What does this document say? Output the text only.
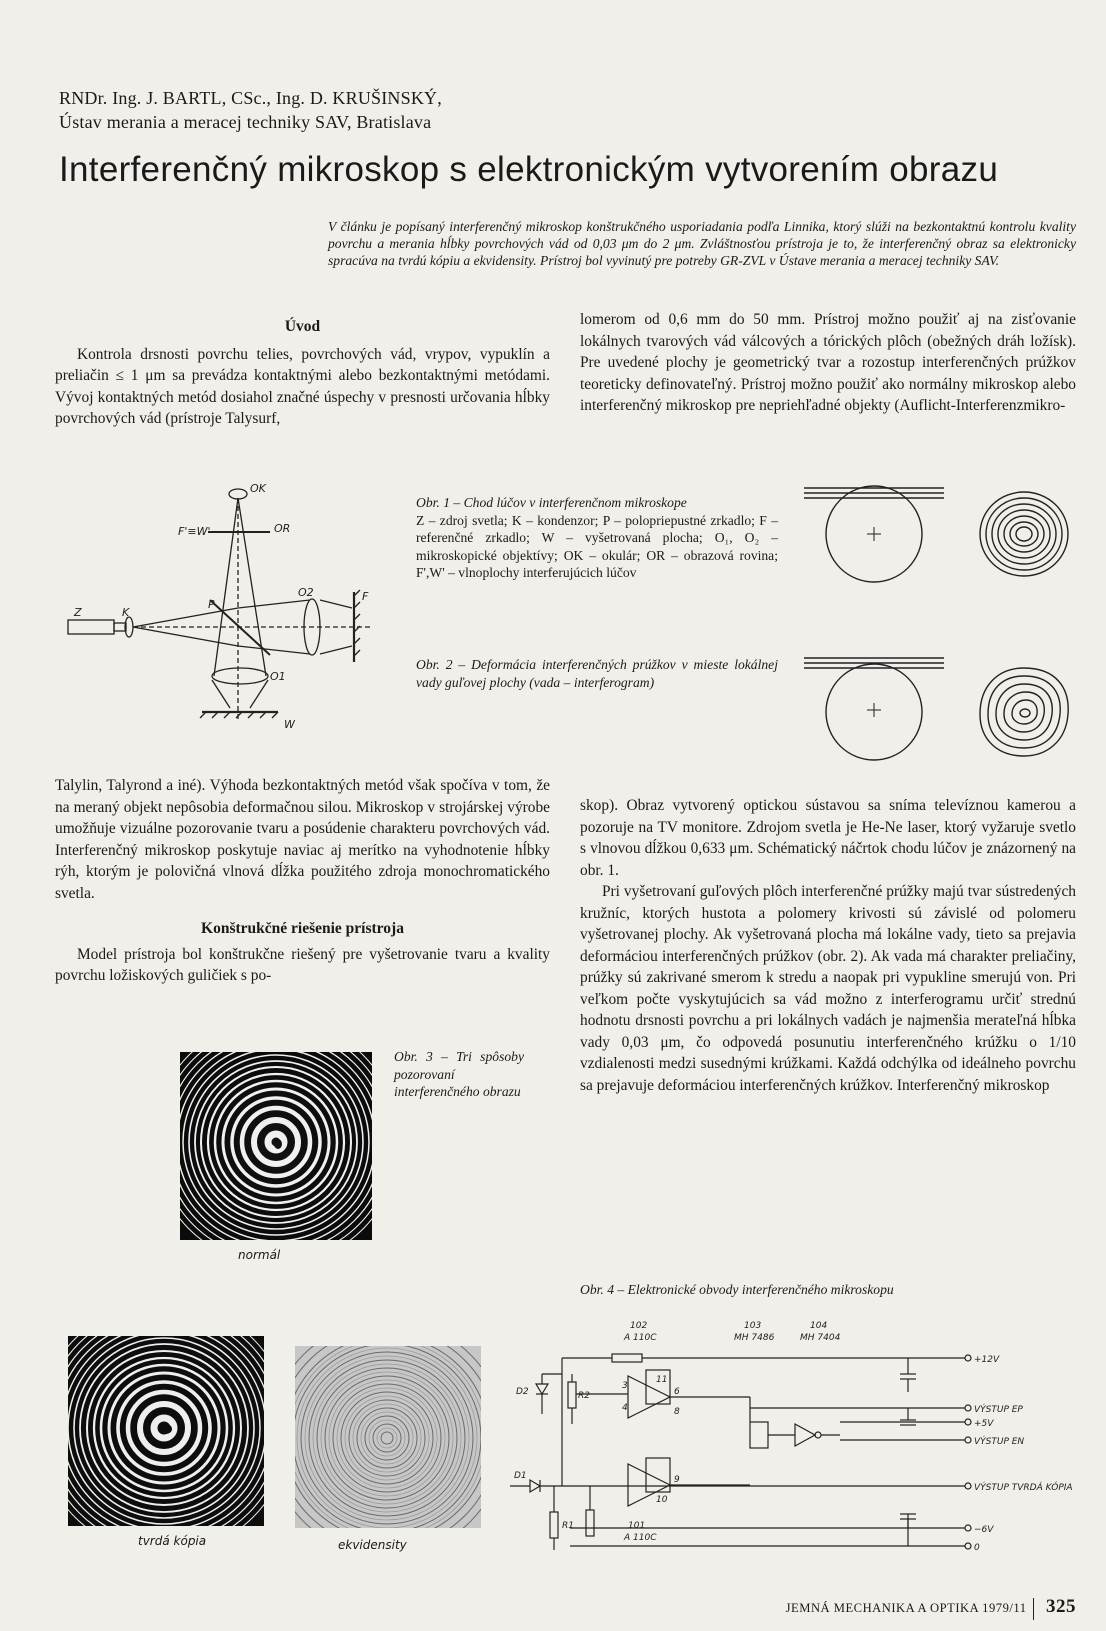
RNDr. Ing. J. BARTL, CSc., Ing. D. KRUŠINSKÝ,
Ústav merania a meracej techniky SAV, Bratislava
Interferenčný mikroskop s elektronickým vytvorením obrazu
V článku je popísaný interferenčný mikroskop konštrukčného usporiadania podľa Linnika, ktorý slúži na bezkontaktnú kontrolu kvality povrchu a merania hĺbky povrchových vád od 0,03 μm do 2 μm. Zvláštnosťou prístroja je to, že interferenčný obraz sa elektronicky spracúva na tvrdú kópiu a ekvidensity. Prístroj bol vyvinutý pre potreby GR-ZVL v Ústave merania a meracej techniky SAV.

Úvod

Kontrola drsnosti povrchu telies, povrchových vád, vrypov, vypuklín a preliačin ≤ 1 μm sa prevádza kontaktnými alebo bezkontaktnými metódami. Vývoj kontaktných metód dosiahol značné úspechy v presnosti určovania hĺbky povrchových vád (prístroje Talysurf,

lomerom od 0,6 mm do 50 mm. Prístroj možno použiť aj na zisťovanie lokálnych tvarových vád válcových a tórických plôch (obežných dráh ložísk). Pre uvedené plochy je geometrický tvar a rozostup interferenčných prúžkov teoreticky definovateľný. Prístroj možno použiť ako normálny mikroskop alebo interferenčný mikroskop pre nepriehľadné objekty (Auflicht-Interferenzmikro-

OK
OR
F'≡W'
P
O2	F
Z	K
O1
W
Obr. 1 – Chod lúčov v interferenčnom mikroskope
Z – zdroj svetla; K – kondenzor; P – polopriepustné zrkadlo; F – referenčné zrkadlo; W – vyšetrovaná plocha; O₁, O₂ – mikroskopické objektívy; OK – okulár; OR – obrazová rovina; F',W' – vlnoplochy interferujúcich lúčov
Obr. 2 – Deformácia interferenčných prúžkov v mieste lokálnej vady guľovej plochy (vada – interferogram)

Talylin, Talyrond a iné). Výhoda bezkontaktných metód však spočíva v tom, že na meraný objekt nepôsobia deformačnou silou. Mikroskop v strojárskej výrobe umožňuje vizuálne pozorovanie tvaru a posúdenie charakteru povrchových vád. Interferenčný mikroskop poskytuje naviac aj merítko na vyhodnotenie hĺbky rýh, ktorým je polovičná vlnová dĺžka použitého zdroja monochromatického svetla.

Konštrukčné riešenie prístroja

Model prístroja bol konštrukčne riešený pre vyšetrovanie tvaru a kvality povrchu ložiskových guličiek s po-

skop). Obraz vytvorený optickou sústavou sa sníma televíznou kamerou a pozoruje na TV monitore. Zdrojom svetla je He-Ne laser, ktorý vyžaruje svetlo s vlnovou dĺžkou 0,633 μm. Schématický náčrtok chodu lúčov je znázornený na obr. 1.

Pri vyšetrovaní guľových plôch interferenčné prúžky majú tvar sústredených kružníc, ktorých hustota a polomery krivosti sú závislé od polomeru vyšetrovanej plochy. Ak vyšetrovaná plocha má lokálne vady, tieto sa prejavia deformáciou interferenčných prúžkov (obr. 2). Ak vada má charakter preliačiny, prúžky sú zakrivané smerom k stredu a naopak pri vypukline smerujú von. Pri veľkom počte vyskytujúcich sa vád možno z interferogramu určiť strednú hodnotu drsnosti povrchu a pri lokálnych vadách je najmenšia merateľná hĺbka vady 0,03 μm, čo odpovedá posunutiu interferenčného krúžku o 1/10 vzdialenosti medzi susednými krúžkami. Každá odchýlka od ideálneho povrchu sa prejavuje deformáciou interferenčných krúžkov. Interferenčný mikroskop

normál
Obr. 3 – Tri spôsoby pozorovaní interferenčného obrazu
tvrdá kópia	ekvidensity
Obr. 4 – Elektronické obvody interferenčného mikroskopu
102
A 110C
103
MH 7486
104
MH 7404
101
A 110C
D1
D2
R1
R2
+12V
VÝSTUP EP
+5V
VÝSTUP EN
VÝSTUP TVRDÁ KÓPIA
−6V
0
3
4
11
6
8
9
10
JEMNÁ MECHANIKA A OPTIKA 1979/11 325
